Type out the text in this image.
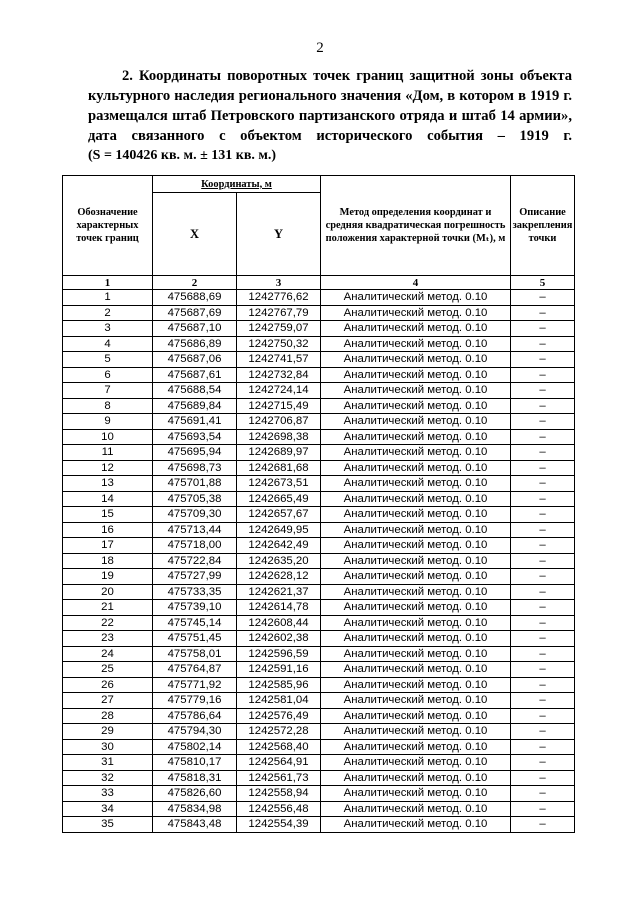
2
2. Координаты поворотных точек границ защитной зоны объекта
культурного наследия регионального значения «Дом, в котором в 1919 г.
размещался штаб Петровского партизанского отряда и штаб 14 армии»,
дата связанного с объектом исторического события – 1919 г.
(S = 140426 кв. м. ± 131 кв. м.)
Обозначение характерных точек границ	Координаты, м		Метод определения координат и средняя квадратическая погрешность положения характерной точки (Mₜ), м	Описание закрепления точки
	X	Y		
1	2	3	4	5
1	475688,69	1242776,62	Аналитический метод. 0.10	–
2	475687,69	1242767,79	Аналитический метод. 0.10	–
3	475687,10	1242759,07	Аналитический метод. 0.10	–
4	475686,89	1242750,32	Аналитический метод. 0.10	–
5	475687,06	1242741,57	Аналитический метод. 0.10	–
6	475687,61	1242732,84	Аналитический метод. 0.10	–
7	475688,54	1242724,14	Аналитический метод. 0.10	–
8	475689,84	1242715,49	Аналитический метод. 0.10	–
9	475691,41	1242706,87	Аналитический метод. 0.10	–
10	475693,54	1242698,38	Аналитический метод. 0.10	–
11	475695,94	1242689,97	Аналитический метод. 0.10	–
12	475698,73	1242681,68	Аналитический метод. 0.10	–
13	475701,88	1242673,51	Аналитический метод. 0.10	–
14	475705,38	1242665,49	Аналитический метод. 0.10	–
15	475709,30	1242657,67	Аналитический метод. 0.10	–
16	475713,44	1242649,95	Аналитический метод. 0.10	–
17	475718,00	1242642,49	Аналитический метод. 0.10	–
18	475722,84	1242635,20	Аналитический метод. 0.10	–
19	475727,99	1242628,12	Аналитический метод. 0.10	–
20	475733,35	1242621,37	Аналитический метод. 0.10	–
21	475739,10	1242614,78	Аналитический метод. 0.10	–
22	475745,14	1242608,44	Аналитический метод. 0.10	–
23	475751,45	1242602,38	Аналитический метод. 0.10	–
24	475758,01	1242596,59	Аналитический метод. 0.10	–
25	475764,87	1242591,16	Аналитический метод. 0.10	–
26	475771,92	1242585,96	Аналитический метод. 0.10	–
27	475779,16	1242581,04	Аналитический метод. 0.10	–
28	475786,64	1242576,49	Аналитический метод. 0.10	–
29	475794,30	1242572,28	Аналитический метод. 0.10	–
30	475802,14	1242568,40	Аналитический метод. 0.10	–
31	475810,17	1242564,91	Аналитический метод. 0.10	–
32	475818,31	1242561,73	Аналитический метод. 0.10	–
33	475826,60	1242558,94	Аналитический метод. 0.10	–
34	475834,98	1242556,48	Аналитический метод. 0.10	–
35	475843,48	1242554,39	Аналитический метод. 0.10	–
